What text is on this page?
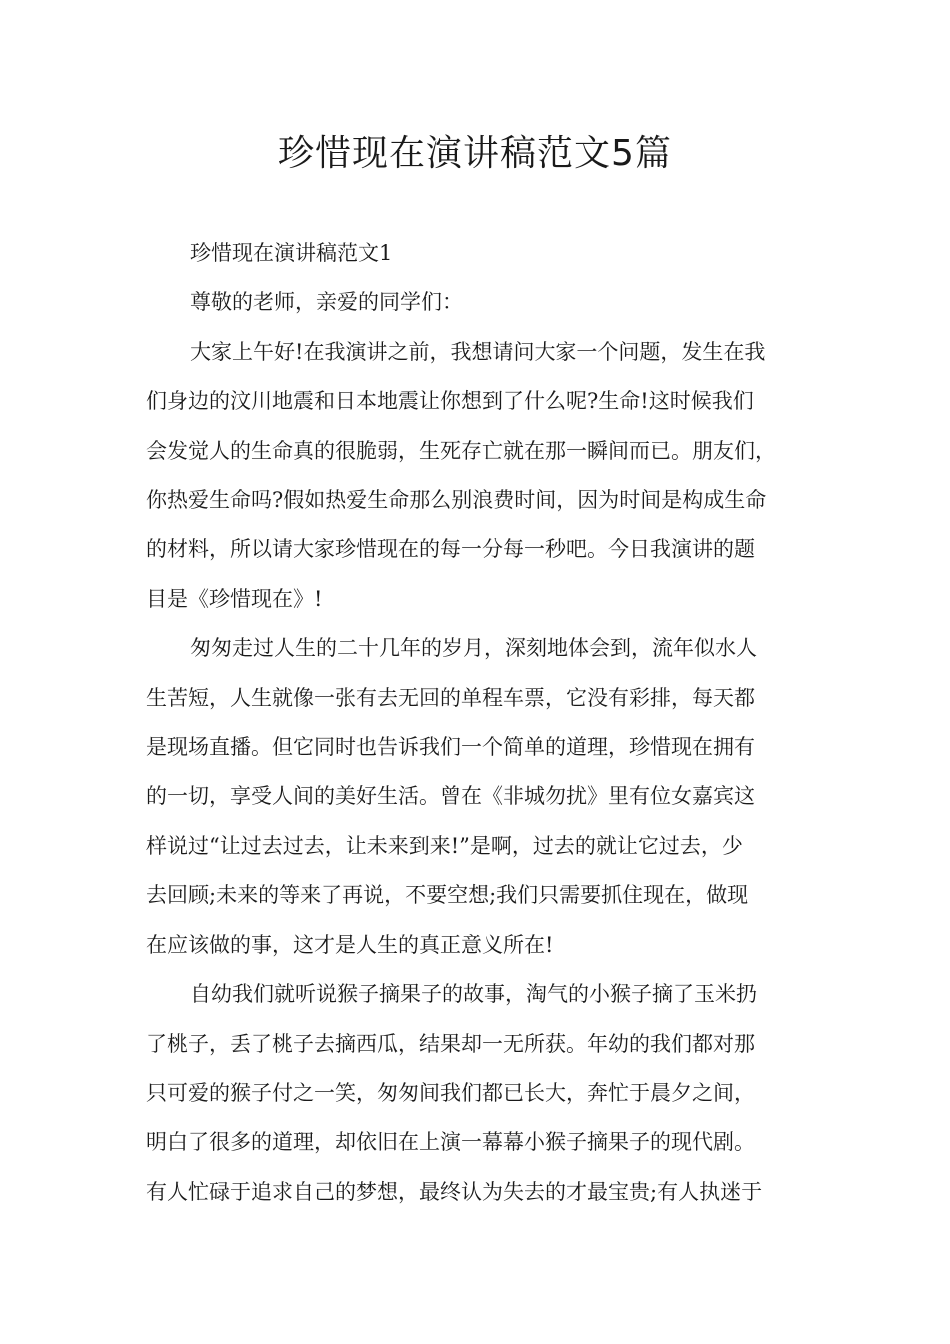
珍惜现在演讲稿范文5篇

珍惜现在演讲稿范文1

尊敬的老师，亲爱的同学们：

大家上午好!在我演讲之前，我想请问大家一个问题，发生在我
们身边的汶川地震和日本地震让你想到了什么呢?生命!这时候我们
会发觉人的生命真的很脆弱，生死存亡就在那一瞬间而已。朋友们，
你热爱生命吗?假如热爱生命那么别浪费时间，因为时间是构成生命
的材料，所以请大家珍惜现在的每一分每一秒吧。今日我演讲的题
目是《珍惜现在》!

匆匆走过人生的二十几年的岁月，深刻地体会到，流年似水人
生苦短，人生就像一张有去无回的单程车票，它没有彩排，每天都
是现场直播。但它同时也告诉我们一个简单的道理，珍惜现在拥有
的一切，享受人间的美好生活。曾在《非城勿扰》里有位女嘉宾这
样说过“让过去过去，让未来到来!”是啊，过去的就让它过去，少
去回顾;未来的等来了再说，不要空想;我们只需要抓住现在，做现
在应该做的事，这才是人生的真正意义所在!

自幼我们就听说猴子摘果子的故事，淘气的小猴子摘了玉米扔
了桃子，丢了桃子去摘西瓜，结果却一无所获。年幼的我们都对那
只可爱的猴子付之一笑，匆匆间我们都已长大，奔忙于晨夕之间，
明白了很多的道理，却依旧在上演一幕幕小猴子摘果子的现代剧。
有人忙碌于追求自己的梦想，最终认为失去的才最宝贵;有人执迷于
